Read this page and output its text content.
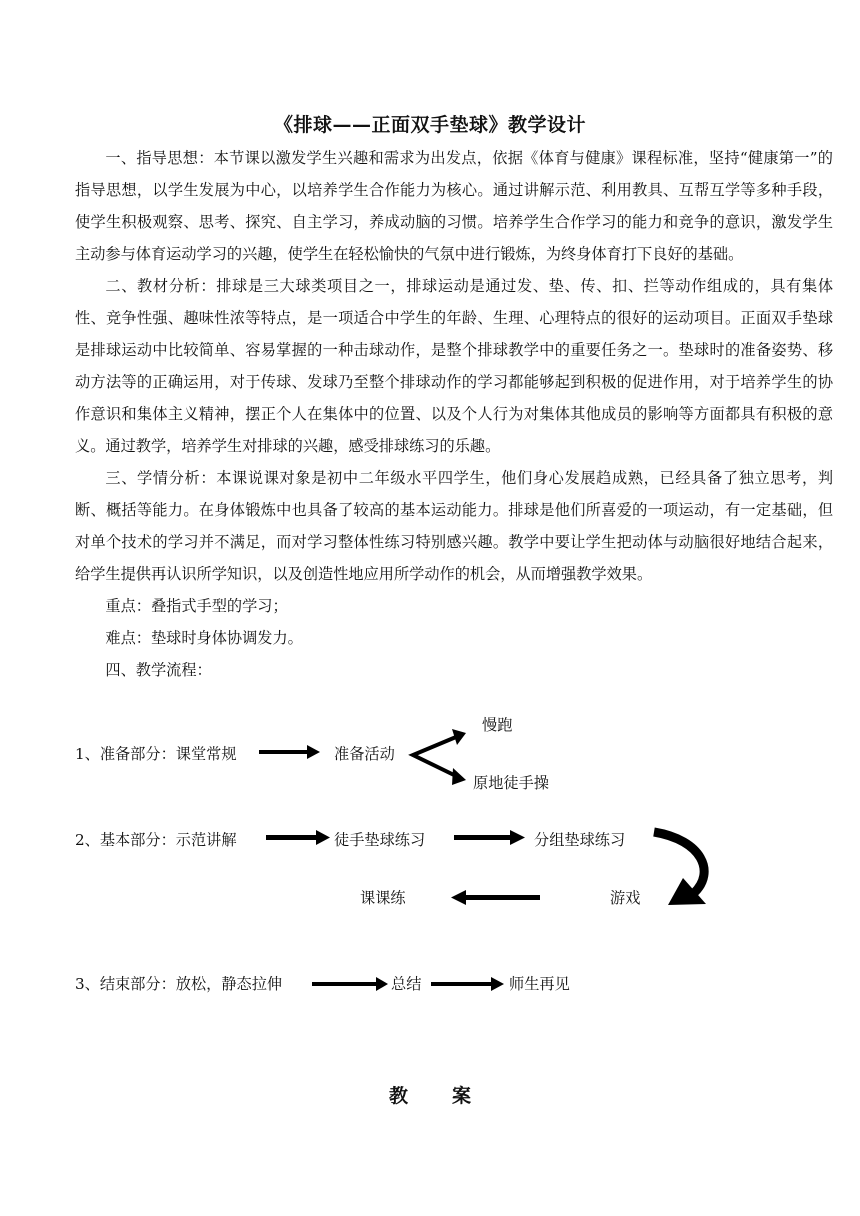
《排球——正面双手垫球》教学设计

一、指导思想：本节课以激发学生兴趣和需求为出发点，依据《体育与健康》课程标准，坚持“健康第一”的指导思想，以学生发展为中心，以培养学生合作能力为核心。通过讲解示范、利用教具、互帮互学等多种手段，使学生积极观察、思考、探究、自主学习，养成动脑的习惯。培养学生合作学习的能力和竞争的意识，激发学生主动参与体育运动学习的兴趣，使学生在轻松愉快的气氛中进行锻炼，为终身体育打下良好的基础。

二、教材分析：排球是三大球类项目之一，排球运动是通过发、垫、传、扣、拦等动作组成的，具有集体性、竞争性强、趣味性浓等特点，是一项适合中学生的年龄、生理、心理特点的很好的运动项目。正面双手垫球是排球运动中比较简单、容易掌握的一种击球动作，是整个排球教学中的重要任务之一。垫球时的准备姿势、移动方法等的正确运用，对于传球、发球乃至整个排球动作的学习都能够起到积极的促进作用，对于培养学生的协作意识和集体主义精神，摆正个人在集体中的位置、以及个人行为对集体其他成员的影响等方面都具有积极的意义。通过教学，培养学生对排球的兴趣，感受排球练习的乐趣。

三、学情分析：本课说课对象是初中二年级水平四学生，他们身心发展趋成熟，已经具备了独立思考，判断、概括等能力。在身体锻炼中也具备了较高的基本运动能力。排球是他们所喜爱的一项运动，有一定基础，但对单个技术的学习并不满足，而对学习整体性练习特别感兴趣。教学中要让学生把动体与动脑很好地结合起来，给学生提供再认识所学知识，以及创造性地应用所学动作的机会，从而增强教学效果。

重点：叠指式手型的学习；

难点：垫球时身体协调发力。

四、教学流程：

1、准备部分：课堂常规	准备活动
慢跑
原地徒手操
2、基本部分：示范讲解	徒手垫球练习	分组垫球练习
游戏
课课练
3、结束部分：放松，静态拉伸	总结	师生再见
教 案
